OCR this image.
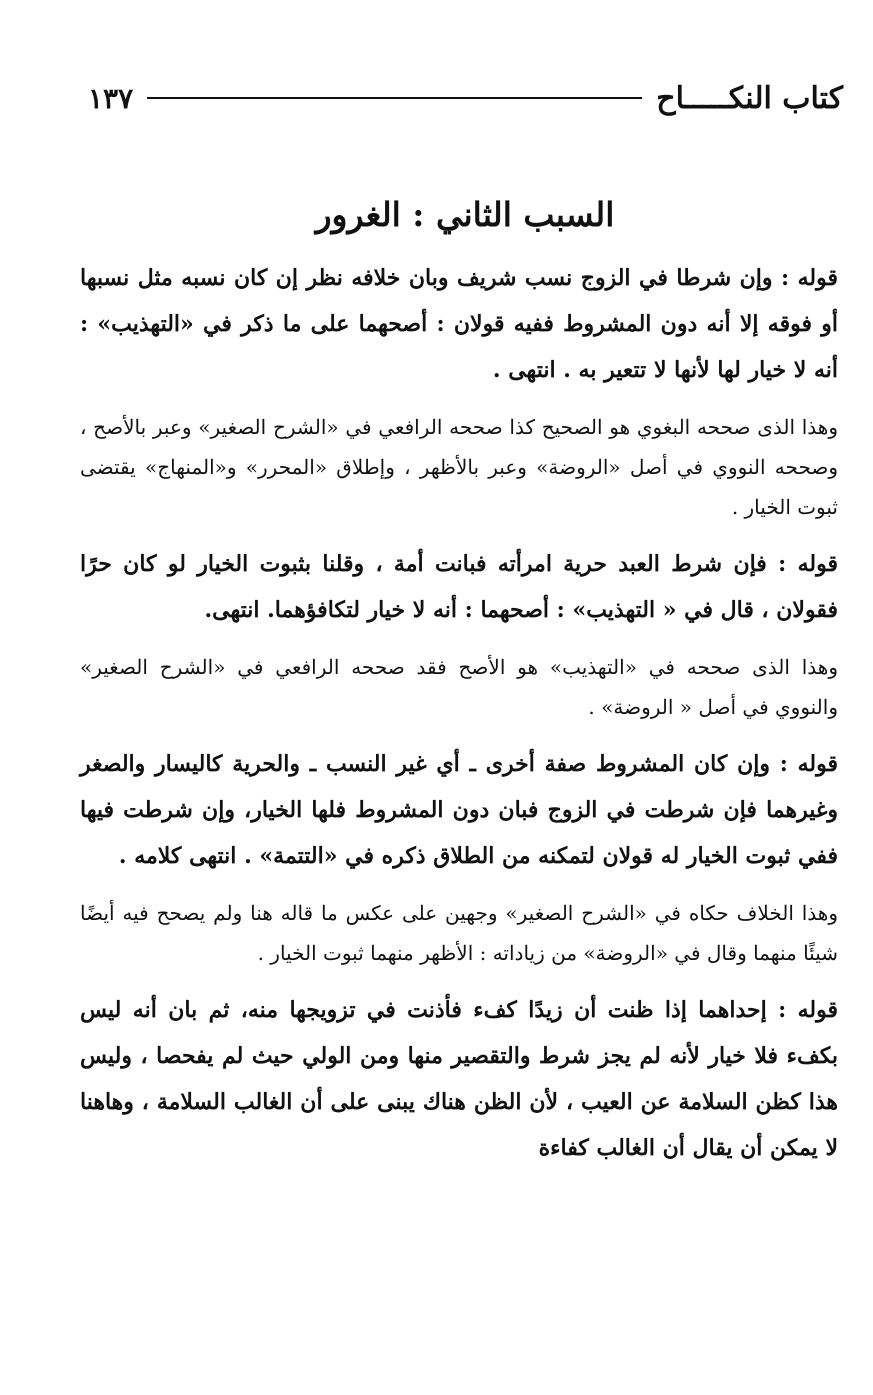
كتاب النكـــــاح
١٣٧
السبب الثاني : الغرور

قوله : وإن شرطا في الزوج نسب شريف وبان خلافه نظر إن كان نسبه مثل نسبها أو فوقه إلا أنه دون المشروط ففيه قولان : أصحهما على ما ذكر في «التهذيب» : أنه لا خيار لها لأنها لا تتعير به . انتهى .

وهذا الذى صححه البغوي هو الصحيح كذا صححه الرافعي في «الشرح الصغير» وعبر بالأصح ، وصححه النووي في أصل «الروضة» وعبر بالأظهر ، وإطلاق «المحرر» و«المنهاج» يقتضى ثبوت الخيار .

قوله : فإن شرط العبد حرية امرأته فبانت أمة ، وقلنا بثبوت الخيار لو كان حرًا فقولان ، قال في « التهذيب» : أصحهما : أنه لا خيار لتكافؤهما. انتهى.

وهذا الذى صححه في «التهذيب» هو الأصح فقد صححه الرافعي في «الشرح الصغير» والنووي في أصل « الروضة» .

قوله : وإن كان المشروط صفة أخرى ـ أي غير النسب ـ والحرية كاليسار والصغر وغيرهما فإن شرطت في الزوج فبان دون المشروط فلها الخيار، وإن شرطت فيها ففي ثبوت الخيار له قولان لتمكنه من الطلاق ذكره في «التتمة» . انتهى كلامه .

وهذا الخلاف حكاه في «الشرح الصغير» وجهين على عكس ما قاله هنا ولم يصحح فيه أيضًا شيئًا منهما وقال في «الروضة» من زياداته : الأظهر منهما ثبوت الخيار .

قوله : إحداهما إذا ظنت أن زيدًا كفء فأذنت في تزويجها منه، ثم بان أنه ليس بكفء فلا خيار لأنه لم يجز شرط والتقصير منها ومن الولي حيث لم يفحصا ، وليس هذا كظن السلامة عن العيب ، لأن الظن هناك يبنى على أن الغالب السلامة ، وهاهنا لا يمكن أن يقال أن الغالب كفاءة
